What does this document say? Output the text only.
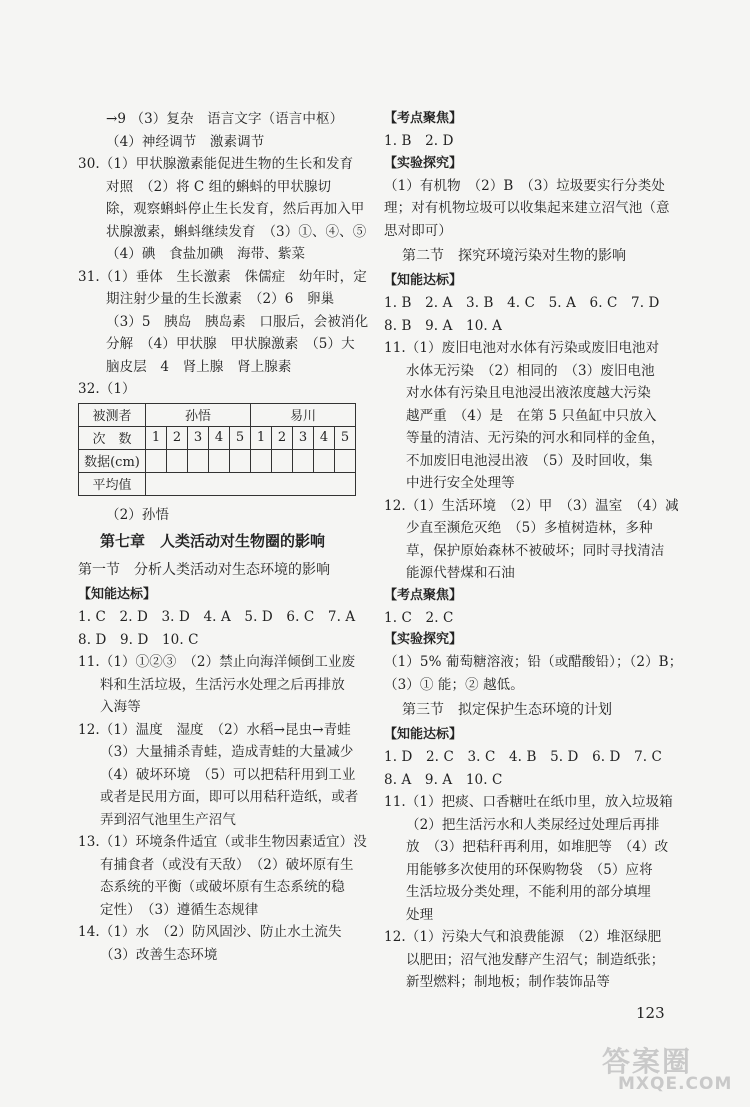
→9 （3）复杂　语言文字（语言中枢）
（4）神经调节　激素调节
30.（1）甲状腺激素能促进生物的生长和发育
对照　（2）将 C 组的蝌蚪的甲状腺切
除，观察蝌蚪停止生长发育，然后再加入甲
状腺激素，蝌蚪继续发育　（3）①、④、⑤
（4）碘　食盐加碘　海带、紫菜
31.（1）垂体　生长激素　侏儒症　幼年时，定
期注射少量的生长激素　（2）6　卵巢
（3）5　胰岛　胰岛素　口服后，会被消化
分解　（4）甲状腺　甲状腺激素　（5）大
脑皮层　4　肾上腺　肾上腺素
32.（1）
被测者	孙悟					易川				
次　数	1	2	3	4	5	1	2	3	4	5
数据(cm)										
平均值										
（2）孙悟
第七章　人类活动对生物圈的影响
第一节　分析人类活动对生态环境的影响
【知能达标】
1. C　2. D　3. D　4. A　5. D　6. C　7. A
8. D　9. D　10. C
11.（1）①②③　（2）禁止向海洋倾倒工业废
料和生活垃圾，生活污水处理之后再排放
入海等
12.（1）温度　湿度　（2）水稻→昆虫→青蛙
（3）大量捕杀青蛙，造成青蛙的大量减少
（4）破坏环境　（5）可以把秸秆用到工业
或者是民用方面，即可以用秸秆造纸，或者
弄到沼气池里生产沼气
13.（1）环境条件适宜（或非生物因素适宜）没
有捕食者（或没有天敌）　（2）破坏原有生
态系统的平衡（或破坏原有生态系统的稳
定性）　（3）遵循生态规律
14.（1）水　（2）防风固沙、防止水土流失
（3）改善生态环境
【考点聚焦】
1. B　2. D
【实验探究】
（1）有机物　（2）B　（3）垃圾要实行分类处
理；对有机物垃圾可以收集起来建立沼气池（意
思对即可）
第二节　探究环境污染对生物的影响
【知能达标】
1. B　2. A　3. B　4. C　5. A　6. C　7. D
8. B　9. A　10. A
11.（1）废旧电池对水体有污染或废旧电池对
水体无污染　（2）相同的　（3）废旧电池
对水体有污染且电池浸出液浓度越大污染
越严重　（4）是　在第 5 只鱼缸中只放入
等量的清洁、无污染的河水和同样的金鱼，
不加废旧电池浸出液　（5）及时回收，集
中进行安全处理等
12.（1）生活环境　（2）甲　（3）温室　（4）减
少直至濒危灭绝　（5）多植树造林，多种
草，保护原始森林不被破坏；同时寻找清洁
能源代替煤和石油
【考点聚焦】
1. C　2. C
【实验探究】
（1）5% 葡萄糖溶液；铅（或醋酸铅）；（2）B；
（3）① 能；② 越低。
第三节　拟定保护生态环境的计划
【知能达标】
1. D　2. C　3. C　4. B　5. D　6. D　7. C
8. A　9. A　10. C
11.（1）把痰、口香糖吐在纸巾里，放入垃圾箱
（2）把生活污水和人类尿经过处理后再排
放　（3）把秸秆再利用，如堆肥等　（4）改
用能够多次使用的环保购物袋　（5）应将
生活垃圾分类处理，不能利用的部分填埋
处理
12.（1）污染大气和浪费能源　（2）堆沤绿肥
以肥田；沼气池发酵产生沼气；制造纸张；
新型燃料；制地板；制作装饰品等
123
答案圈
MXQE.COM
